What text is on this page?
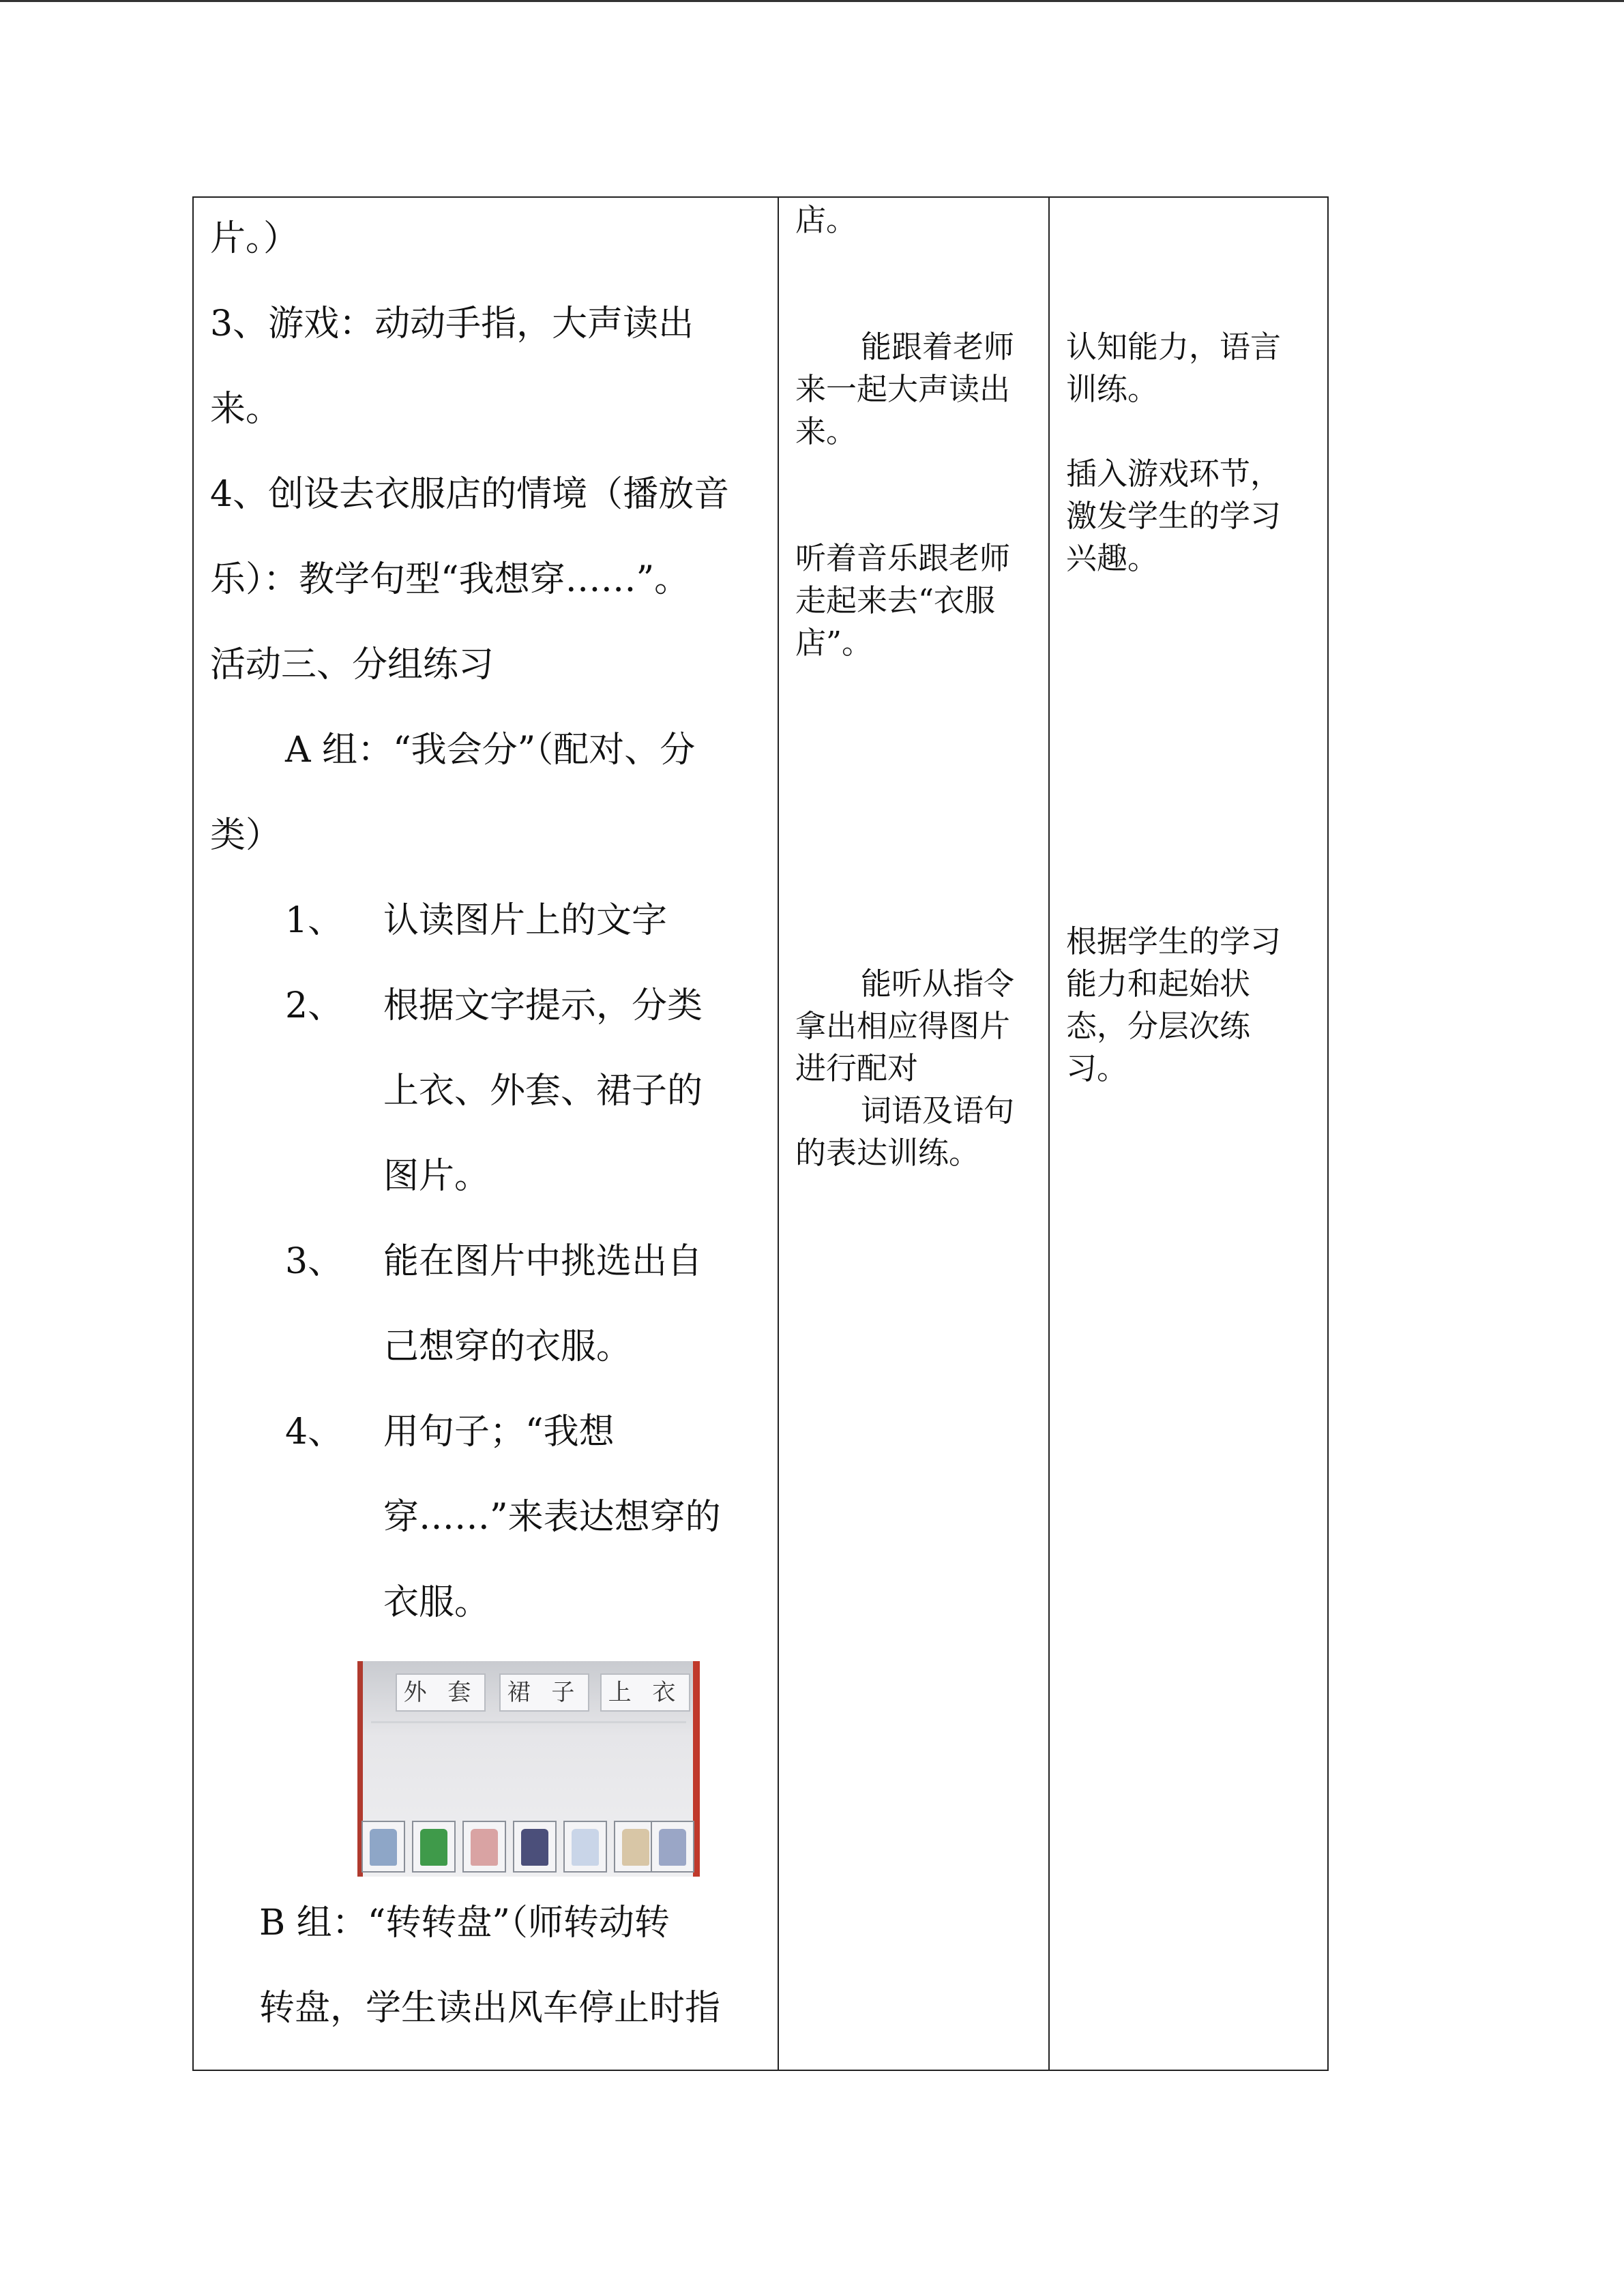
片。）
3、游戏：动动手指，大声读出
来。
4、创设去衣服店的情境（播放音
乐）：教学句型“我想穿……”。
活动三、分组练习
A 组：“我会分”（配对、分
类）
1、 认读图片上的文字
2、 根据文字提示，分类
上衣、外套、裙子的
图片。
3、 能在图片中挑选出自
己想穿的衣服。
4、 用句子；“我想
穿……”来表达想穿的
衣服。
外 套	裙 子	上 衣
B 组：“转转盘”（师转动转
转盘，学生读出风车停止时指
店。
能跟着老师
来一起大声读出
来。
听着音乐跟老师
走起来去“衣服
店”。
能听从指令
拿出相应得图片
进行配对
词语及语句
的表达训练。
认知能力，语言
训练。
插入游戏环节，
激发学生的学习
兴趣。
根据学生的学习
能力和起始状
态，分层次练
习。
